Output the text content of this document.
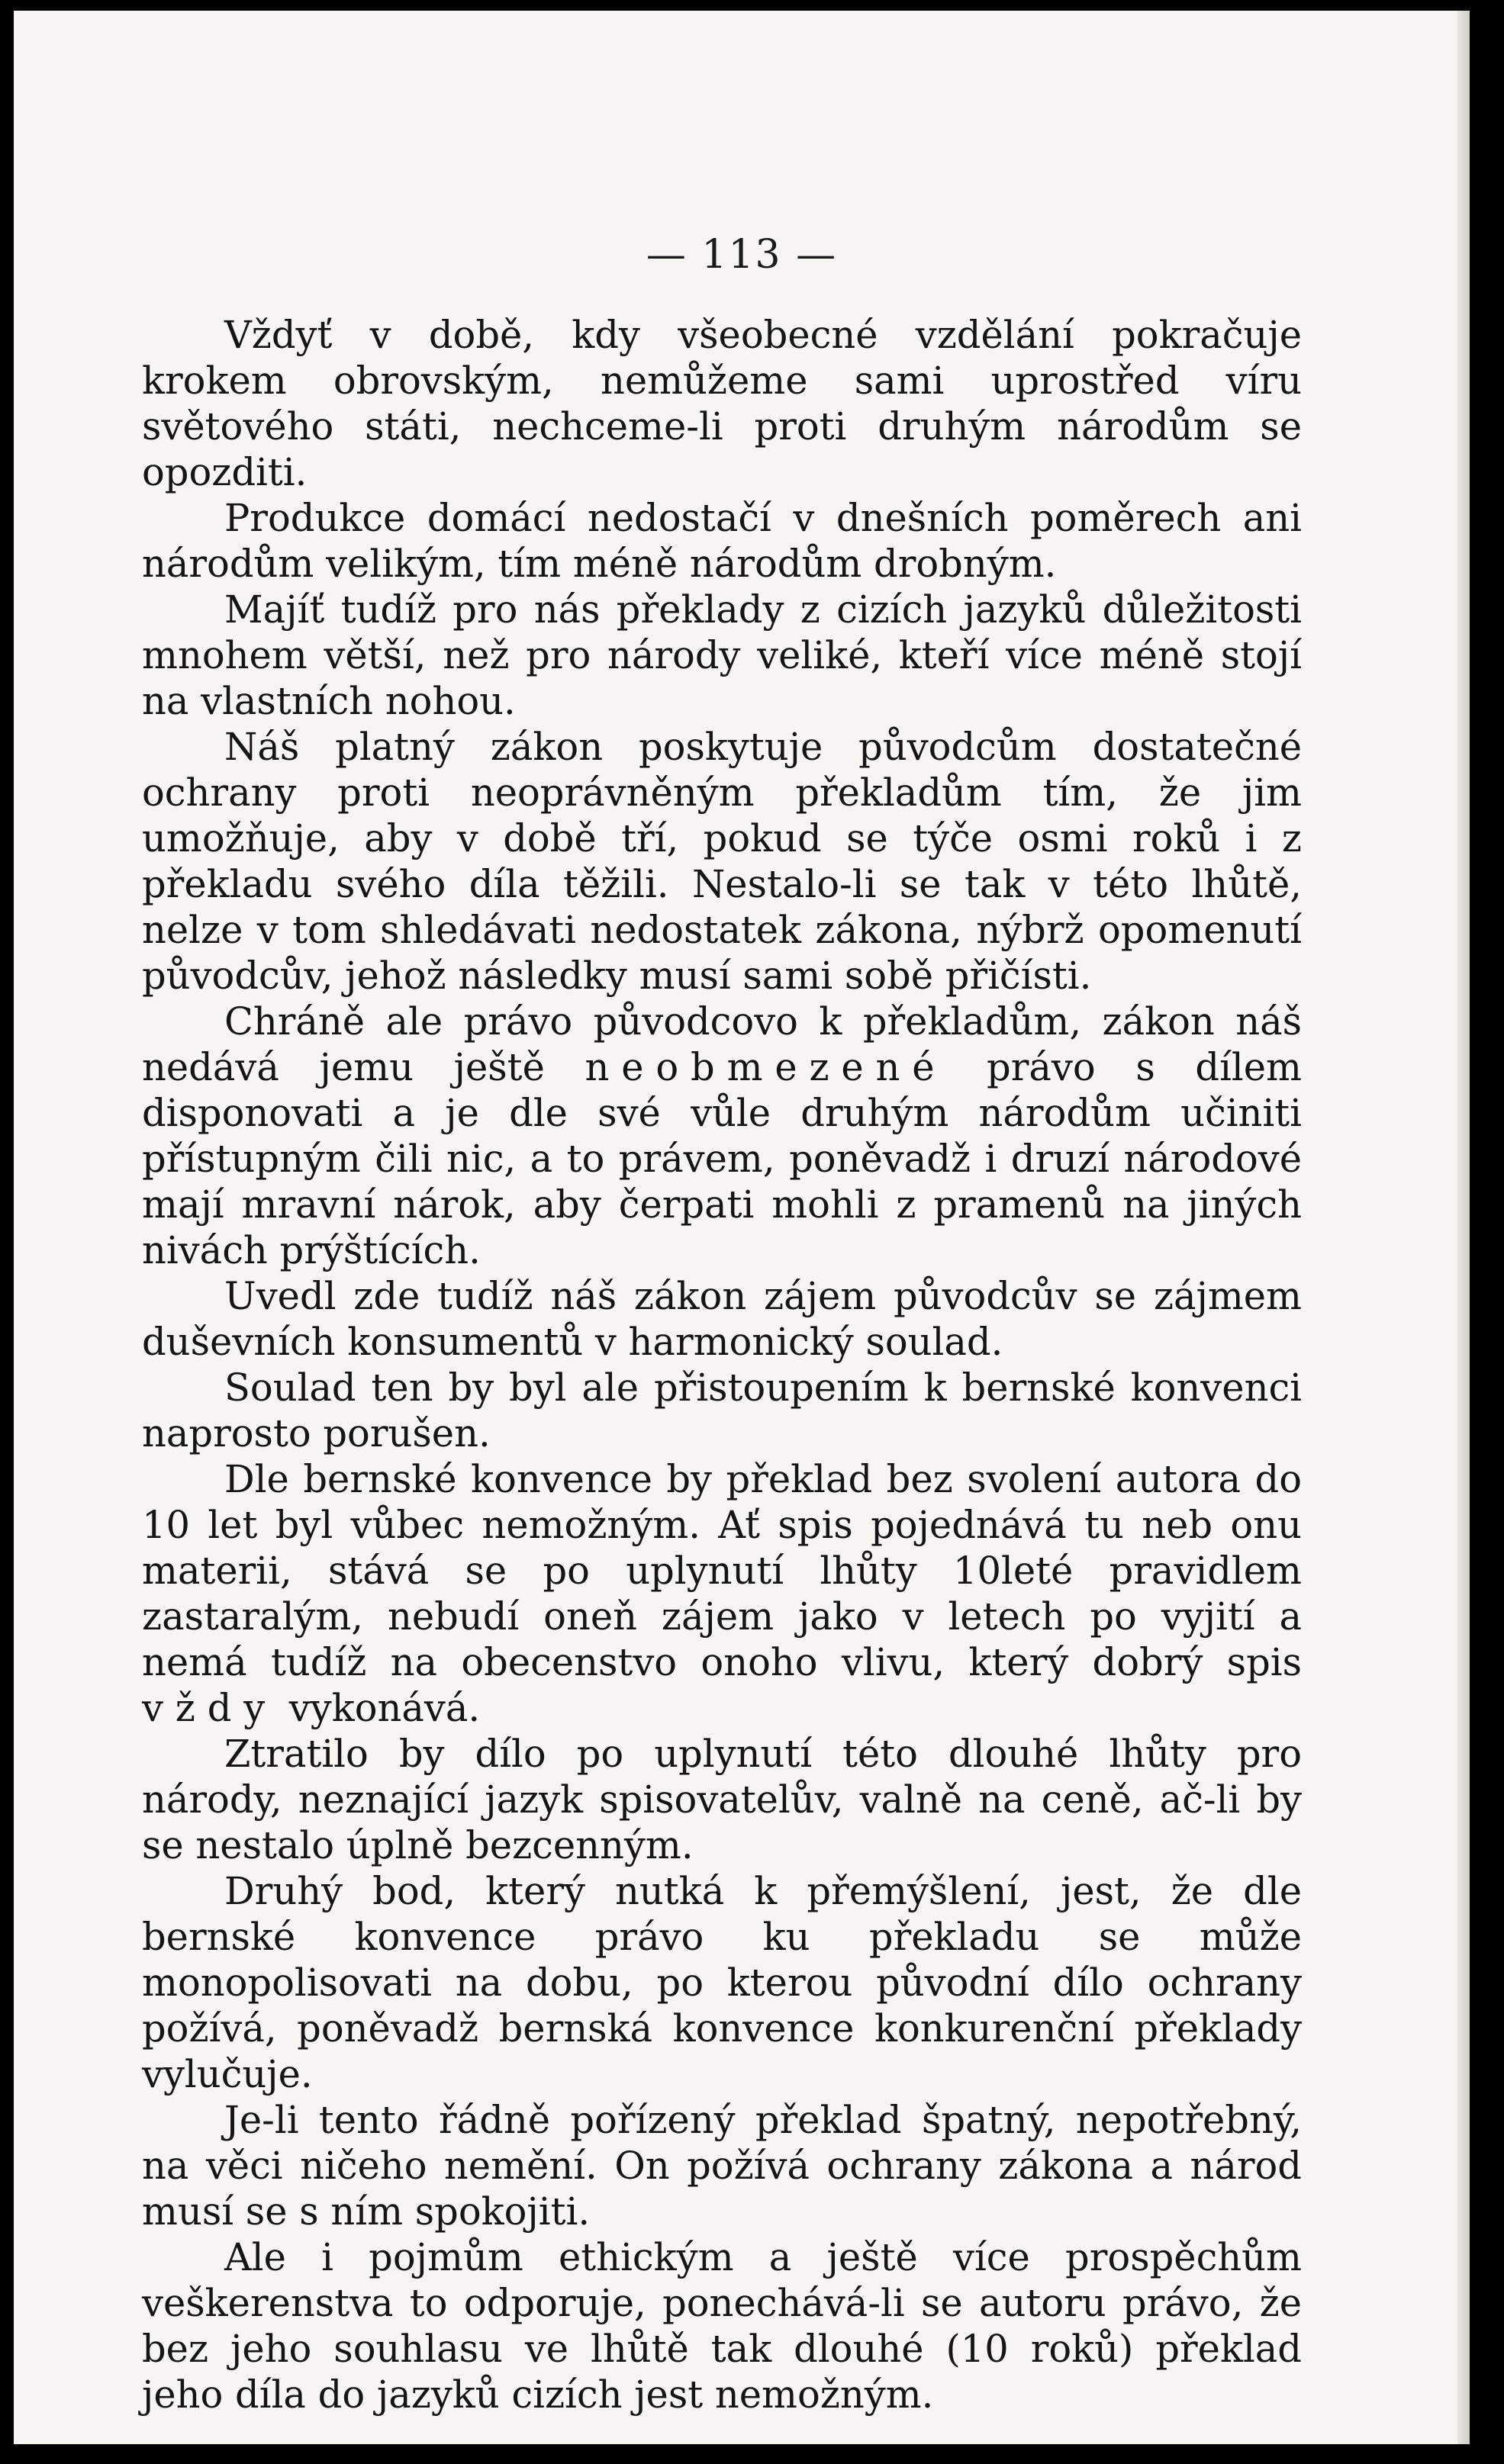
— 113 —

Vždyť v době, kdy všeobecné vzdělání pokračuje krokem obrovským, nemůžeme sami uprostřed víru světového státi, nechceme-li proti druhým národům se opozditi.

Produkce domácí nedostačí v dnešních poměrech ani národům velikým, tím méně národům drobným.

Majíť tudíž pro nás překlady z cizích jazyků důležitosti mnohem větší, než pro národy veliké, kteří více méně stojí na vlastních nohou.

Náš platný zákon poskytuje původcům dostatečné ochrany proti neoprávněným překladům tím, že jim umožňuje, aby v době tří, pokud se týče osmi roků i z překladu svého díla těžili. Nestalo-li se tak v této lhůtě, nelze v tom shledávati nedostatek zákona, nýbrž opomenutí původcův, jehož následky musí sami sobě přičísti.

Chráně ale právo původcovo k překladům, zákon náš nedává jemu ještě neobmezené právo s dílem disponovati a je dle své vůle druhým národům učiniti přístupným čili nic, a to právem, poněvadž i druzí národové mají mravní nárok, aby čerpati mohli z pramenů na jiných nivách prýštících.

Uvedl zde tudíž náš zákon zájem původcův se zájmem duševních konsumentů v harmonický soulad.

Soulad ten by byl ale přistoupením k bernské konvenci naprosto porušen.

Dle bernské konvence by překlad bez svolení autora do 10 let byl vůbec nemožným. Ať spis pojednává tu neb onu materii, stává se po uplynutí lhůty 10leté pravidlem zastaralým, nebudí oneň zájem jako v letech po vyjití a nemá tudíž na obecenstvo onoho vlivu, který dobrý spis vždy vykonává.

Ztratilo by dílo po uplynutí této dlouhé lhůty pro národy, neznající jazyk spisovatelův, valně na ceně, ač-li by se nestalo úplně bezcenným.

Druhý bod, který nutká k přemýšlení, jest, že dle bernské konvence právo ku překladu se může monopolisovati na dobu, po kterou původní dílo ochrany požívá, poněvadž bernská konvence konkurenční překlady vylučuje.

Je-li tento řádně pořízený překlad špatný, nepotřebný, na věci ničeho nemění. On požívá ochrany zákona a národ musí se s ním spokojiti.

Ale i pojmům ethickým a ještě více prospěchům veškerenstva to odporuje, ponechává-li se autoru právo, že bez jeho souhlasu ve lhůtě tak dlouhé (10 roků) překlad jeho díla do jazyků cizích jest nemožným.
